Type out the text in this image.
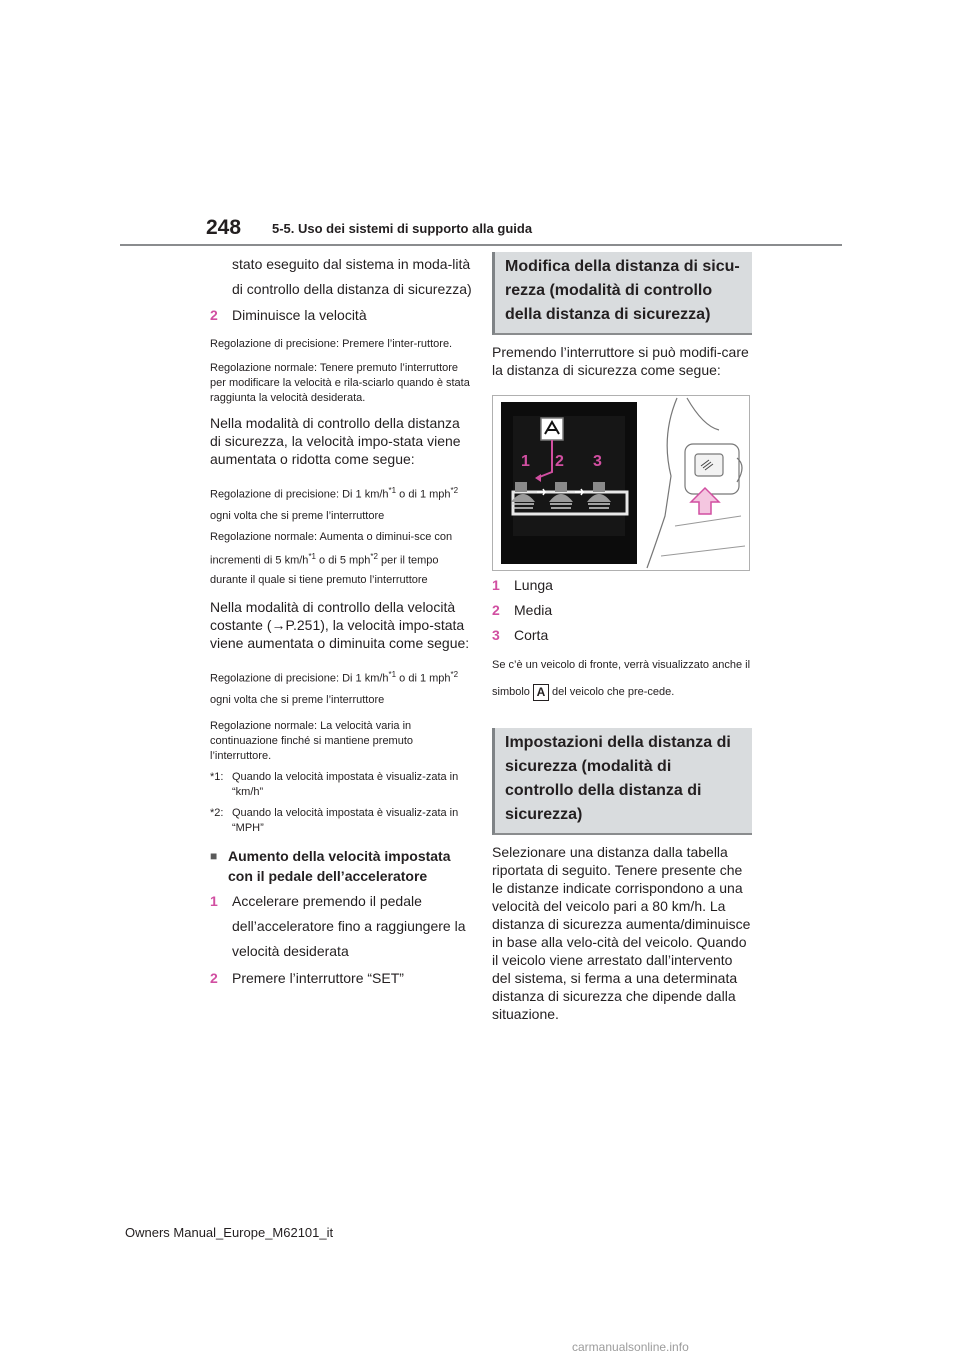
248 5-5. Uso dei sistemi di supporto alla guida

stato eseguito dal sistema in moda-lità di controllo della distanza di sicurezza)

2	Diminuisce la velocità

Regolazione di precisione: Premere l’inter-ruttore.

Regolazione normale: Tenere premuto l’interruttore per modificare la velocità e rila-sciarlo quando è stata raggiunta la velocità desiderata.

Nella modalità di controllo della distanza di sicurezza, la velocità impo-stata viene aumentata o ridotta come segue:

Regolazione di precisione: Di 1 $km/h^{*1}$ o di 1 mph$^{*2}$ ogni volta che si preme l’interruttore

Regolazione normale: Aumenta o diminui-sce con incrementi di 5 $km/h^{*1}$ o di 5 mph$^{*2}$ per il tempo durante il quale si tiene premuto l’interruttore

Nella modalità di controllo della velocità costante (→P.251), la velocità impo-stata viene aumentata o diminuita come segue:

Regolazione di precisione: Di 1 $km/h^{*1}$ o di 1 mph$^{*2}$ ogni volta che si preme l’interruttore

Regolazione normale: La velocità varia in continuazione finché si mantiene premuto l’interruttore.

*1: Quando la velocità impostata è visualiz-zata in “km/h”
*2: Quando la velocità impostata è visualiz-zata in “MPH”
■ Aumento della velocità impostata con il pedale dell’acceleratore
1	Accelerare premendo il pedale dell’acceleratore fino a raggiungere la velocità desiderata
2	Premere l’interruttore “SET”
Modifica della distanza di sicu-rezza (modalità di controllo della distanza di sicurezza)

Premendo l’interruttore si può modifi-care la distanza di sicurezza come segue:

1 2 3
1	Lunga
2	Media
3	Corta

Se c’è un veicolo di fronte, verrà visualizzato anche il simbolo A del veicolo che pre-cede.

Impostazioni della distanza di sicurezza (modalità di controllo della distanza di sicurezza)

Selezionare una distanza dalla tabella riportata di seguito. Tenere presente che le distanze indicate corrispondono a una velocità del veicolo pari a 80 km/h. La distanza di sicurezza aumenta/diminuisce in base alla velo-cità del veicolo. Quando il veicolo viene arrestato dall’intervento del sistema, si ferma a una determinata distanza di sicurezza che dipende dalla situazione.

Owners Manual_Europe_M62101_it
carmanualsonline.info
